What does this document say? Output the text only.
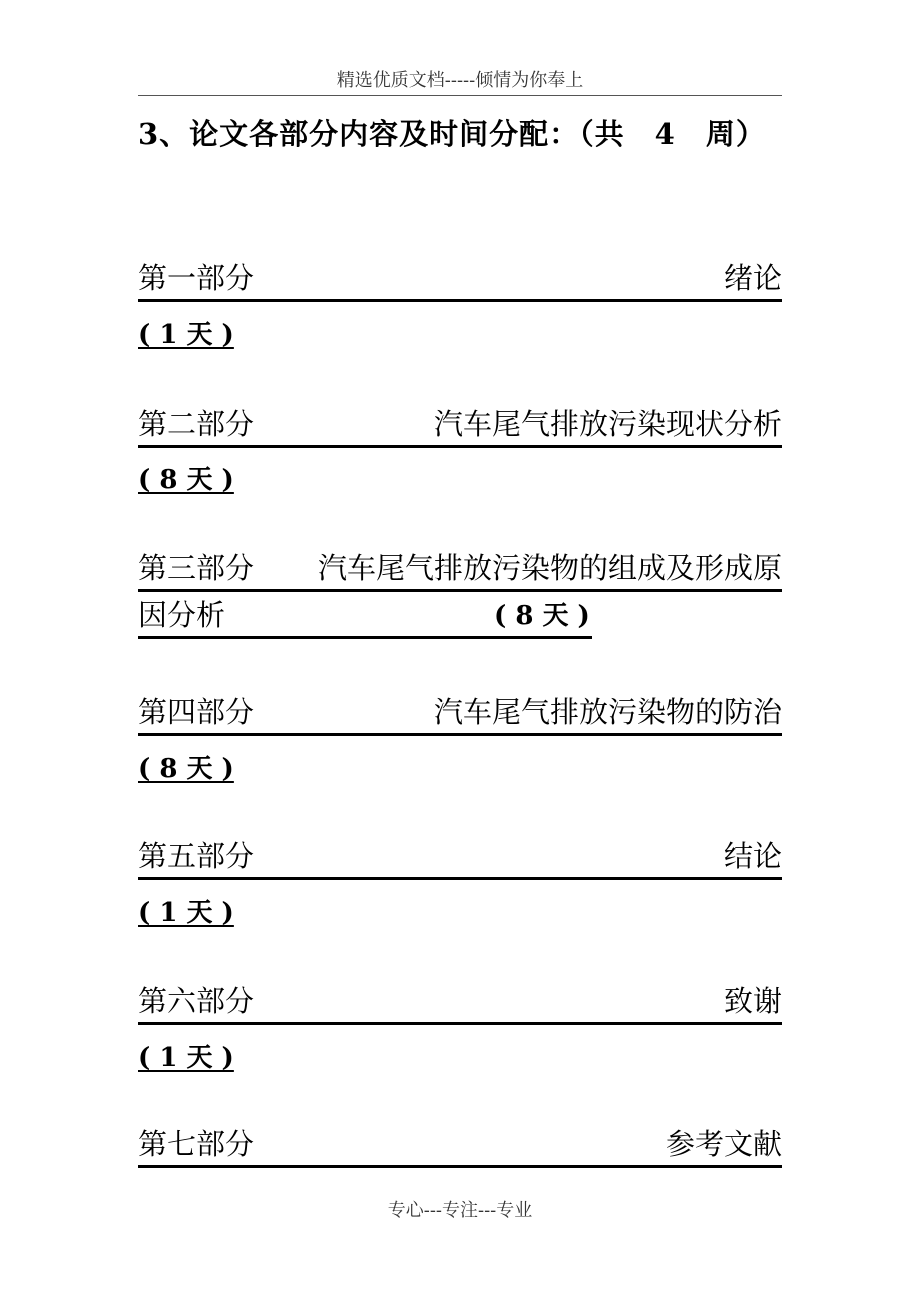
精选优质文档-----倾情为你奉上
3、论文各部分内容及时间分配：（共　4　周）
第一部分	绪论
( 1 天 )
第二部分	汽车尾气排放污染现状分析
( 8 天 )
第三部分 汽车尾气排放污染物的组成及形成原
因分析	( 8 天 )
第四部分	汽车尾气排放污染物的防治
( 8 天 )
第五部分	结论
( 1 天 )
第六部分	致谢
( 1 天 )
第七部分	参考文献
专心---专注---专业
